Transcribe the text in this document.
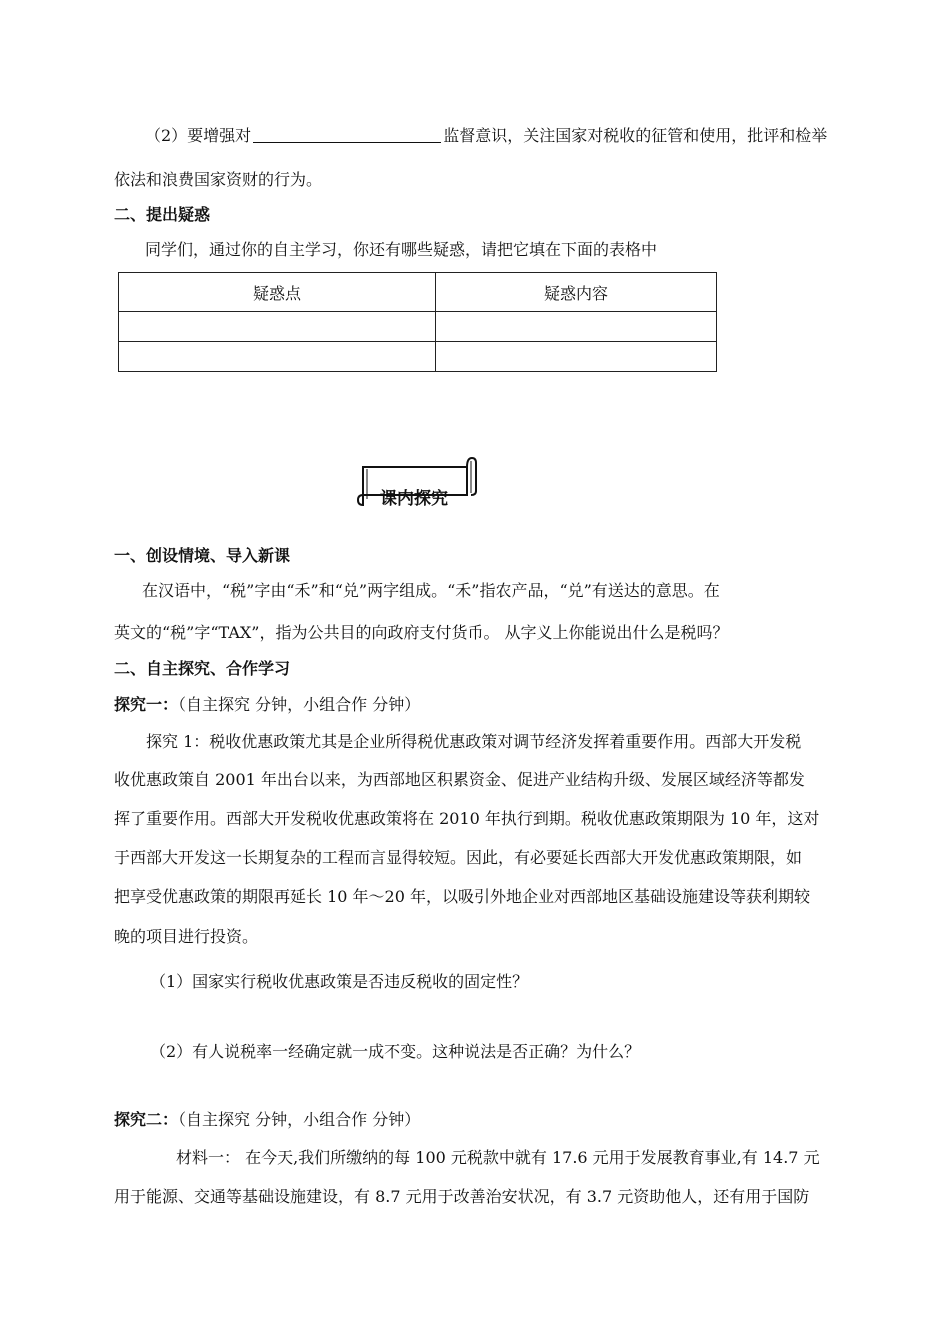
（2）要增强对	监督意识，关注国家对税收的征管和使用，批评和检举
依法和浪费国家资财的行为。
二、提出疑惑
同学们，通过你的自主学习，你还有哪些疑惑，请把它填在下面的表格中
疑惑点	疑惑内容

课内探究
一、创设情境、导入新课
在汉语中，“税”字由“禾”和“兑”两字组成。“禾”指农产品，“兑”有送达的意思。在
英文的“税”字“TAX”，指为公共目的向政府支付货币。 从字义上你能说出什么是税吗？
二、自主探究、合作学习
探究一：（自主探究 分钟，小组合作 分钟）
探究 1：税收优惠政策尤其是企业所得税优惠政策对调节经济发挥着重要作用。西部大开发税
收优惠政策自 2001 年出台以来，为西部地区积累资金、促进产业结构升级、发展区域经济等都发
挥了重要作用。西部大开发税收优惠政策将在 2010 年执行到期。税收优惠政策期限为 10 年，这对
于西部大开发这一长期复杂的工程而言显得较短。因此，有必要延长西部大开发优惠政策期限，如
把享受优惠政策的期限再延长 10 年～20 年，以吸引外地企业对西部地区基础设施建设等获利期较
晚的项目进行投资。
（1）国家实行税收优惠政策是否违反税收的固定性？
（2）有人说税率一经确定就一成不变。这种说法是否正确？为什么？
探究二：（自主探究 分钟，小组合作 分钟）
材料一： 在今天,我们所缴纳的每 100 元税款中就有 17.6 元用于发展教育事业,有 14.7 元
用于能源、交通等基础设施建设，有 8.7 元用于改善治安状况，有 3.7 元资助他人，还有用于国防
